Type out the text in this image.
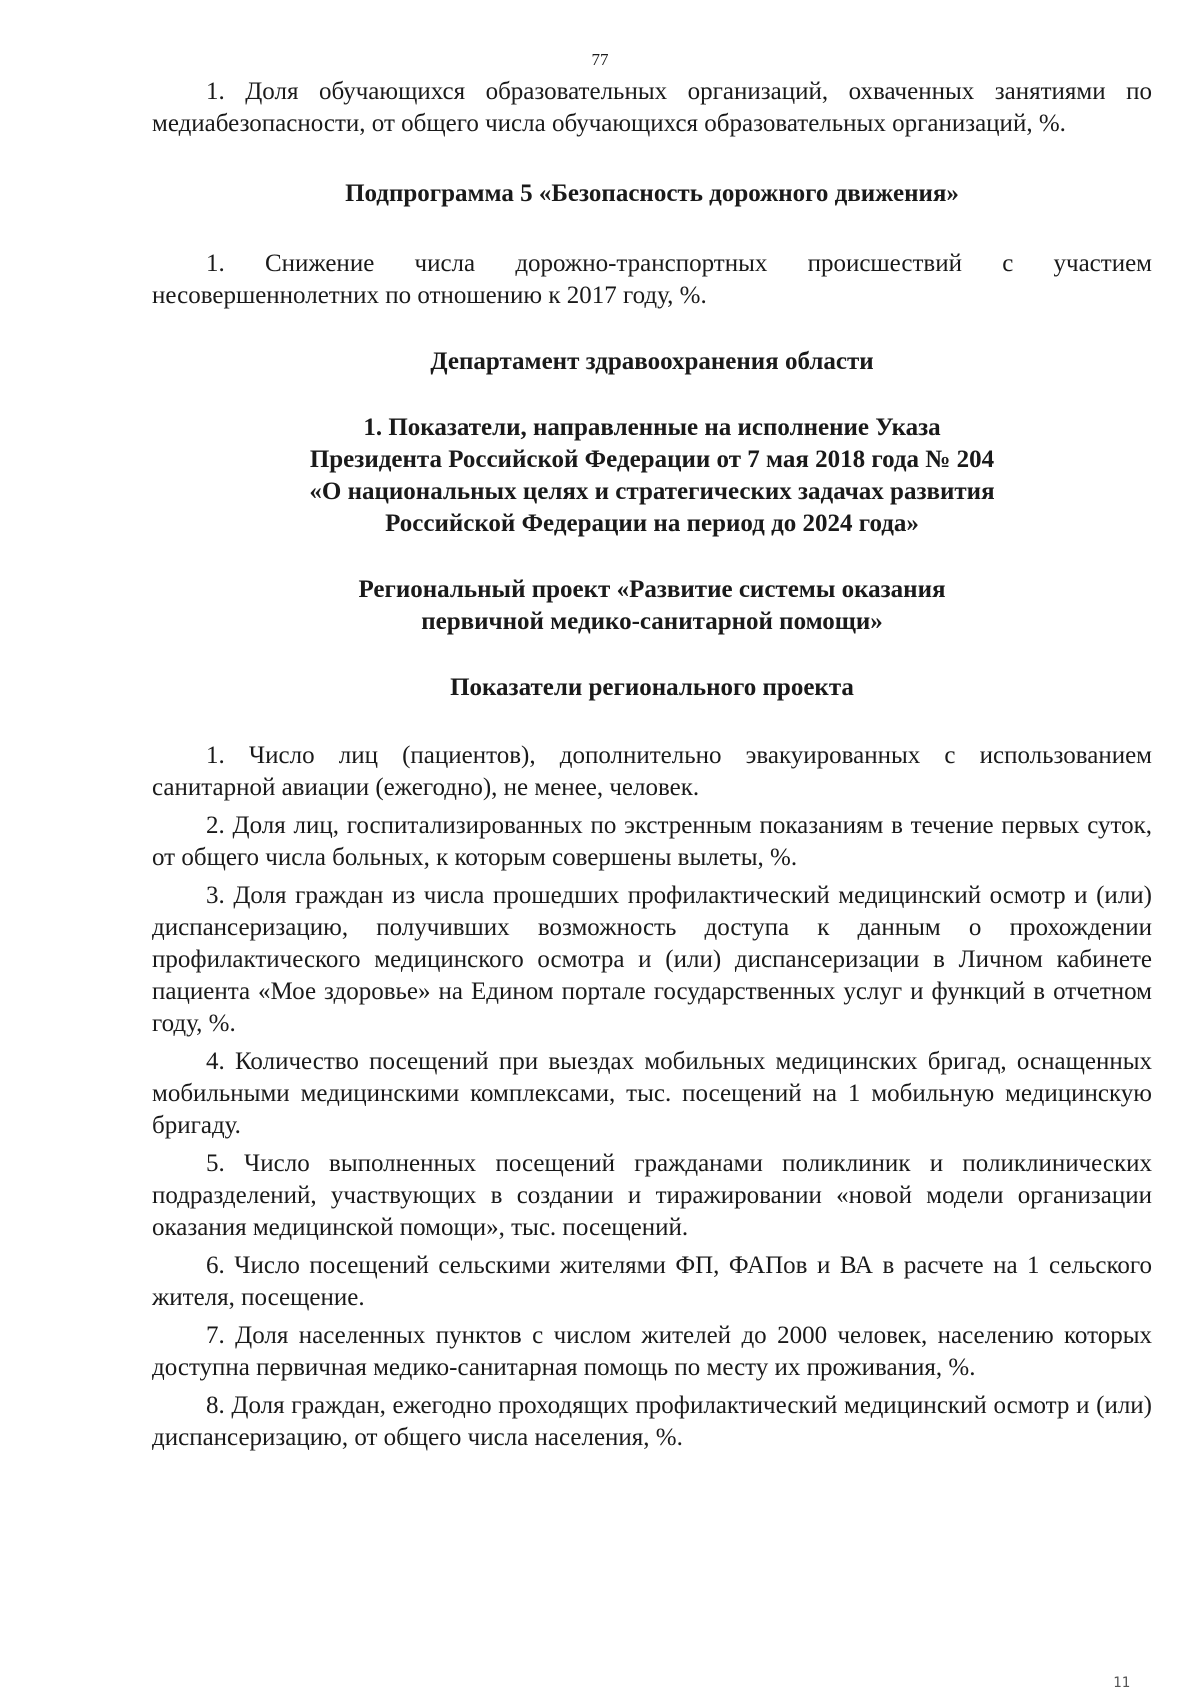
77

1. Доля обучающихся образовательных организаций, охваченных занятиями по медиабезопасности, от общего числа обучающихся образовательных организаций, %.

Подпрограмма 5 «Безопасность дорожного движения»

1. Снижение числа дорожно-транспортных происшествий с участием несовершеннолетних по отношению к 2017 году, %.

Департамент здравоохранения области

1. Показатели, направленные на исполнение Указа
Президента Российской Федерации от 7 мая 2018 года № 204
«О национальных целях и стратегических задачах развития
Российской Федерации на период до 2024 года»

Региональный проект «Развитие системы оказания
первичной медико-санитарной помощи»

Показатели регионального проекта

1. Число лиц (пациентов), дополнительно эвакуированных с использованием санитарной авиации (ежегодно), не менее, человек.

2. Доля лиц, госпитализированных по экстренным показаниям в течение первых суток, от общего числа больных, к которым совершены вылеты, %.

3. Доля граждан из числа прошедших профилактический медицинский осмотр и (или) диспансеризацию, получивших возможность доступа к данным о прохождении профилактического медицинского осмотра и (или) диспансеризации в Личном кабинете пациента «Мое здоровье» на Едином портале государственных услуг и функций в отчетном году, %.

4. Количество посещений при выездах мобильных медицинских бригад, оснащенных мобильными медицинскими комплексами, тыс. посещений на 1 мобильную медицинскую бригаду.

5. Число выполненных посещений гражданами поликлиник и поликлинических подразделений, участвующих в создании и тиражировании «новой модели организации оказания медицинской помощи», тыс. посещений.

6. Число посещений сельскими жителями ФП, ФАПов и ВА в расчете на 1 сельского жителя, посещение.

7. Доля населенных пунктов с числом жителей до 2000 человек, населению которых доступна первичная медико-санитарная помощь по месту их проживания, %.

8. Доля граждан, ежегодно проходящих профилактический медицинский осмотр и (или) диспансеризацию, от общего числа населения, %.

11
